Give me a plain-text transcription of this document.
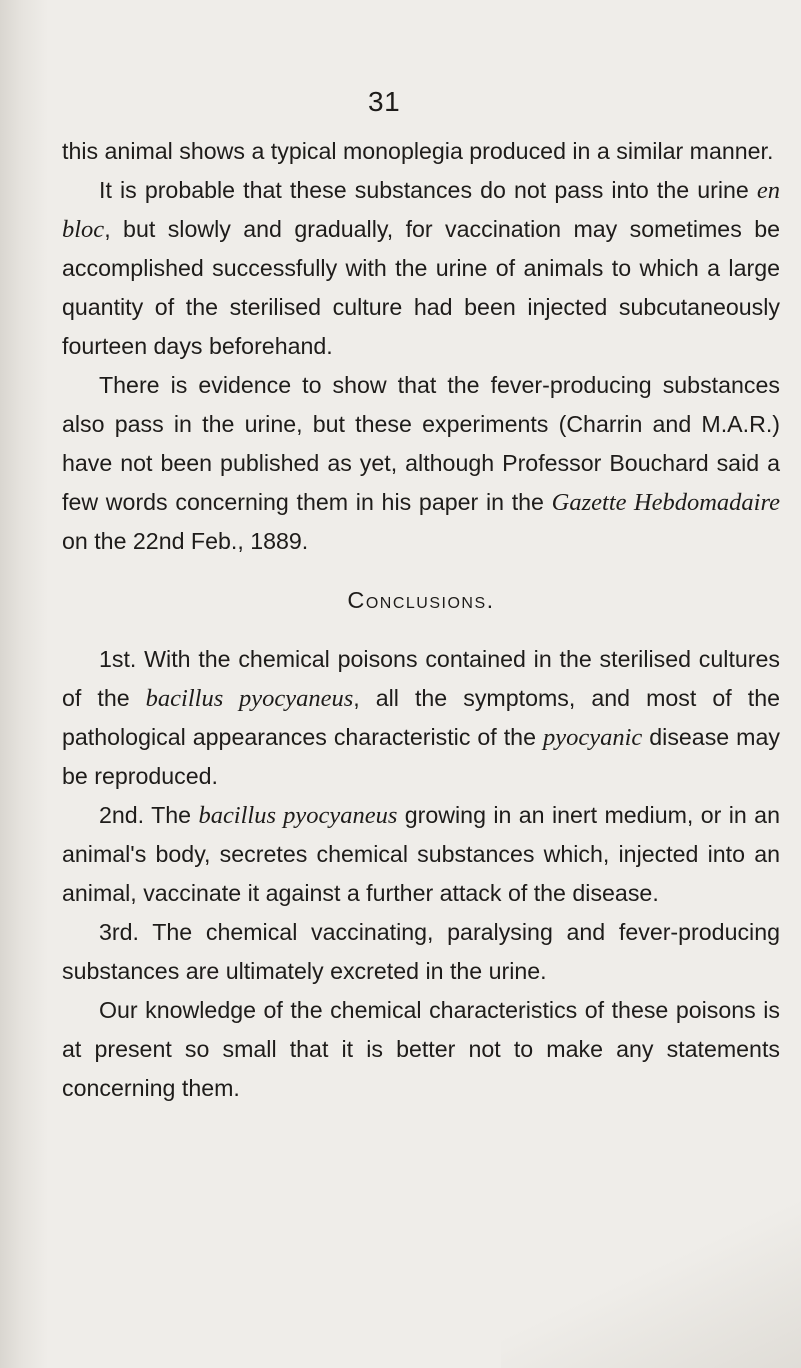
31

this animal shows a typical monoplegia produced in a similar manner.

It is probable that these substances do not pass into the urine en bloc, but slowly and gradually, for vaccination may sometimes be accomplished successfully with the urine of animals to which a large quantity of the sterilised culture had been injected subcutaneously fourteen days beforehand.

There is evidence to show that the fever-producing substances also pass in the urine, but these experiments (Charrin and M.A.R.) have not been published as yet, although Professor Bouchard said a few words concerning them in his paper in the Gazette Hebdomadaire on the 22nd Feb., 1889.

Conclusions.

1st. With the chemical poisons contained in the sterilised cultures of the bacillus pyocyaneus, all the symptoms, and most of the pathological appearances characteristic of the pyocyanic disease may be reproduced.

2nd. The bacillus pyocyaneus growing in an inert medium, or in an animal's body, secretes chemical substances which, injected into an animal, vaccinate it against a further attack of the disease.

3rd. The chemical vaccinating, paralysing and fever-producing substances are ultimately excreted in the urine.

Our knowledge of the chemical characteristics of these poisons is at present so small that it is better not to make any statements concerning them.
